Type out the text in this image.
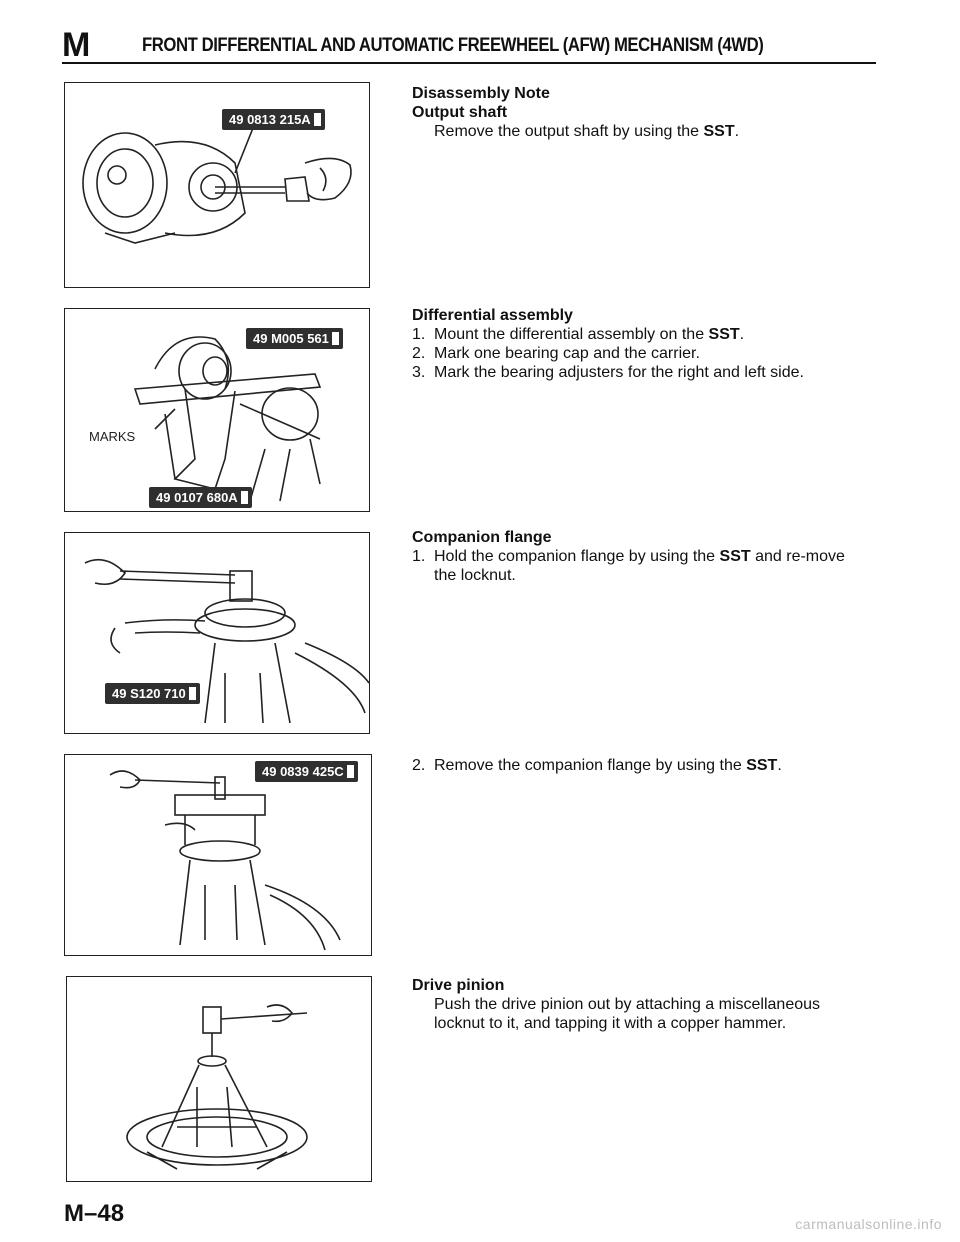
M	FRONT DIFFERENTIAL AND AUTOMATIC FREEWHEEL (AFW) MECHANISM (4WD)
49 0813 215A
49 M005 561
49 0107 680A
MARKS
49 S120 710
49 0839 425C
Disassembly Note
Output shaft
Remove the output shaft by using the SST.
Differential assembly
1. Mount the differential assembly on the SST.
2. Mark one bearing cap and the carrier.
3. Mark the bearing adjusters for the right and left side.
Companion flange
1. Hold the companion flange by using the SST and re-move the locknut.
2. Remove the companion flange by using the SST.
Drive pinion
Push the drive pinion out by attaching a miscellaneous locknut to it, and tapping it with a copper hammer.
M–48	carmanualsonline.info
